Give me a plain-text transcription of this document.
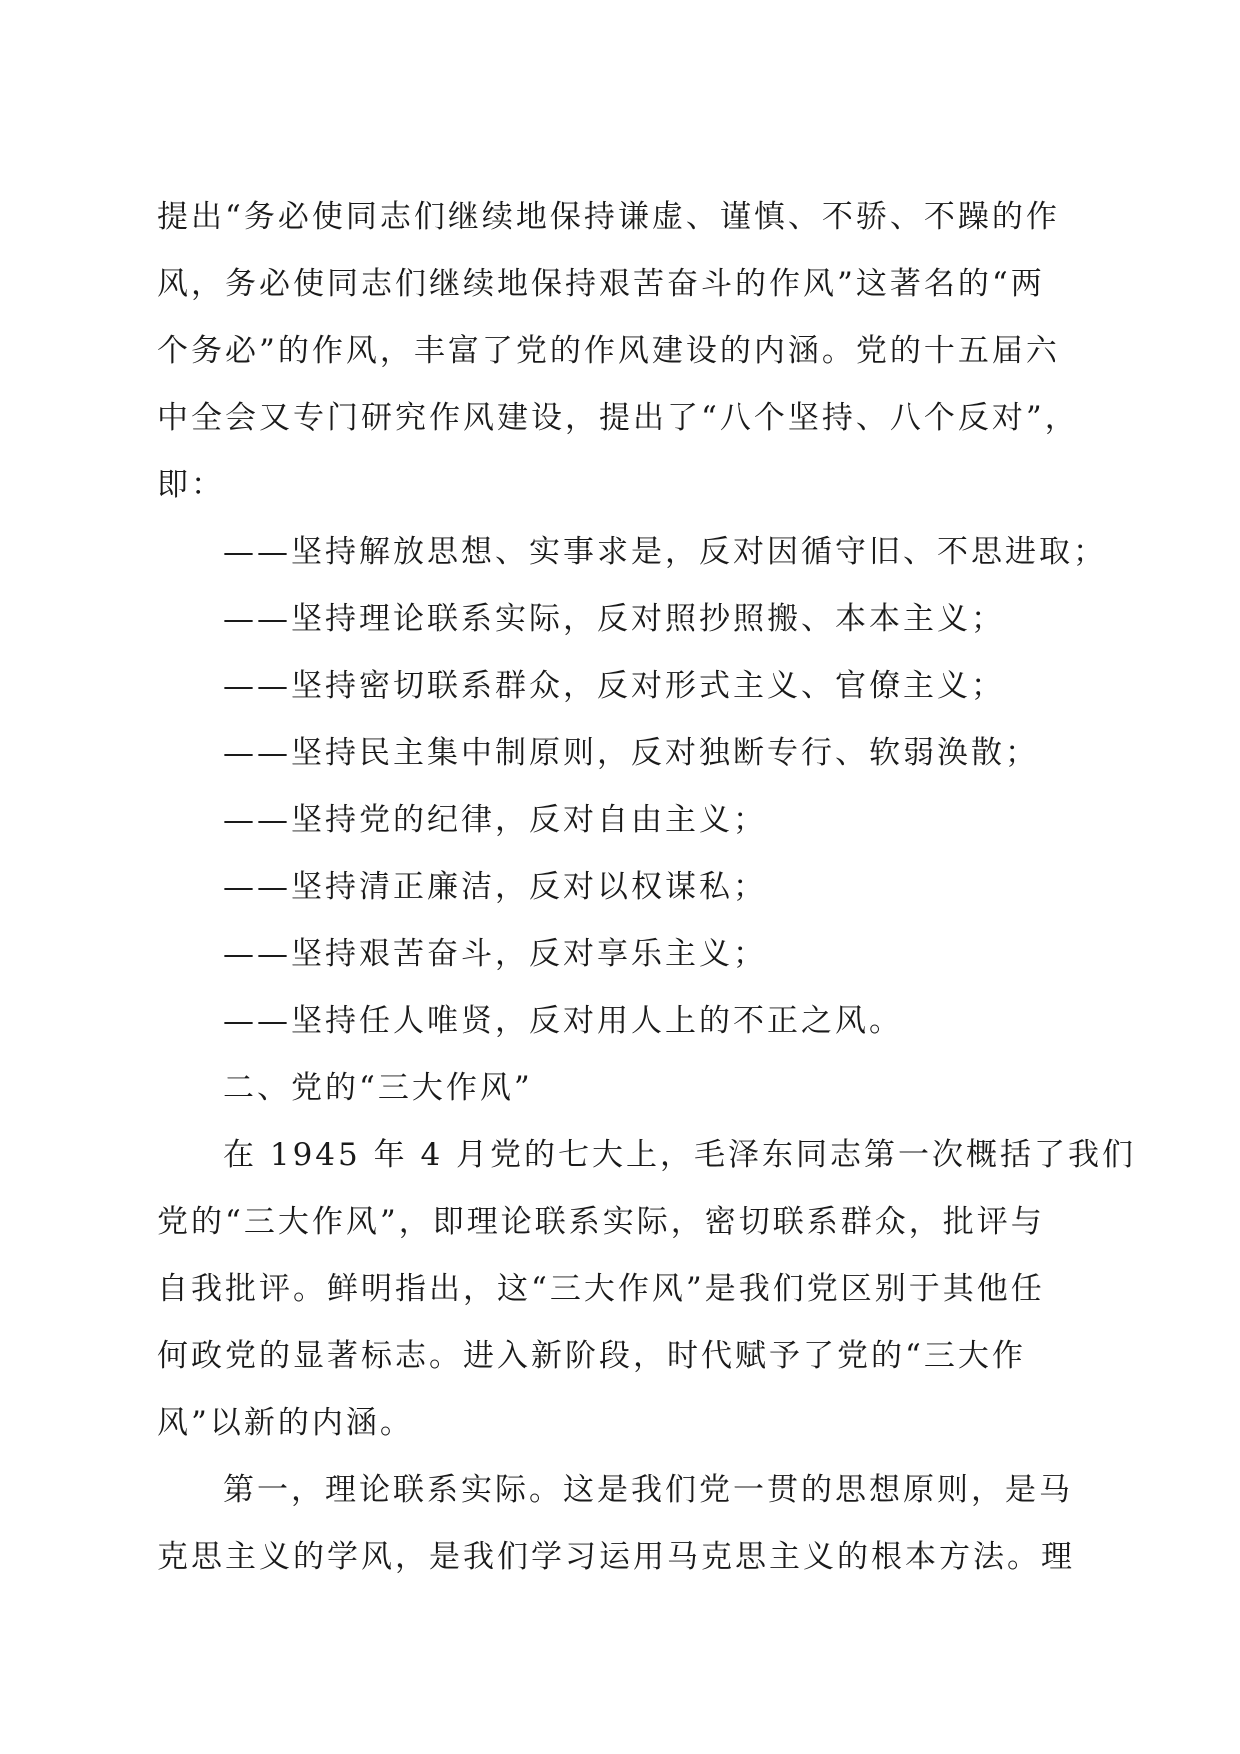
提出“务必使同志们继续地保持谦虚、谨慎、不骄、不躁的作
风，务必使同志们继续地保持艰苦奋斗的作风”这著名的“两
个务必”的作风，丰富了党的作风建设的内涵。党的十五届六
中全会又专门研究作风建设，提出了“八个坚持、八个反对”，
即：
——坚持解放思想、实事求是，反对因循守旧、不思进取；
——坚持理论联系实际，反对照抄照搬、本本主义；
——坚持密切联系群众，反对形式主义、官僚主义；
——坚持民主集中制原则，反对独断专行、软弱涣散；
——坚持党的纪律，反对自由主义；
——坚持清正廉洁，反对以权谋私；
——坚持艰苦奋斗，反对享乐主义；
——坚持任人唯贤，反对用人上的不正之风。
二、党的“三大作风”
在 1945 年 4 月党的七大上，毛泽东同志第一次概括了我们
党的“三大作风”，即理论联系实际，密切联系群众，批评与
自我批评。鲜明指出，这“三大作风”是我们党区别于其他任
何政党的显著标志。进入新阶段，时代赋予了党的“三大作
风”以新的内涵。
第一，理论联系实际。这是我们党一贯的思想原则，是马
克思主义的学风，是我们学习运用马克思主义的根本方法。理
